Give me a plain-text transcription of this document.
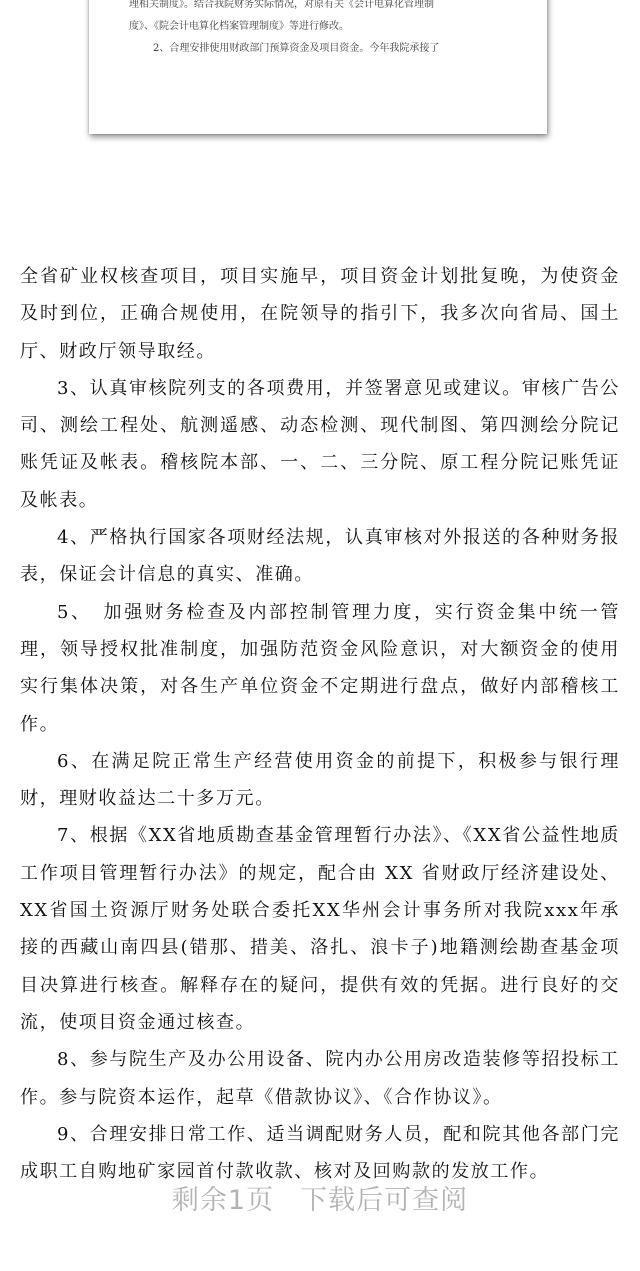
理相关制度》。结合我院财务实际情况，对原有关《会计电算化管理制

度》、《院会计电算化档案管理制度》等进行修改。

2、合理安排使用财政部门预算资金及项目资金。今年我院承接了

全省矿业权核查项目，项目实施早，项目资金计划批复晚，为使资金及时到位，正确合规使用，在院领导的指引下，我多次向省局、国土厅、财政厅领导取经。

3、认真审核院列支的各项费用，并签署意见或建议。审核广告公司、测绘工程处、航测遥感、动态检测、现代制图、第四测绘分院记账凭证及帐表。稽核院本部、一、二、三分院、原工程分院记账凭证及帐表。

4、严格执行国家各项财经法规，认真审核对外报送的各种财务报表，保证会计信息的真实、准确。

5、　加强财务检查及内部控制管理力度，实行资金集中统一管理，领导授权批准制度，加强防范资金风险意识，对大额资金的使用实行集体决策，对各生产单位资金不定期进行盘点，做好内部稽核工作。

6、在满足院正常生产经营使用资金的前提下，积极参与银行理财，理财收益达二十多万元。

7、根据《XX省地质勘查基金管理暂行办法》、《XX省公益性地质工作项目管理暂行办法》的规定，配合由 XX 省财政厅经济建设处、XX省国土资源厅财务处联合委托XX华州会计事务所对我院xxx年承接的西藏山南四县(错那、措美、洛扎、浪卡子)地籍测绘勘查基金项目决算进行核查。解释存在的疑问，提供有效的凭据。进行良好的交流，使项目资金通过核查。

8、参与院生产及办公用设备、院内办公用房改造装修等招投标工作。参与院资本运作，起草《借款协议》、《合作协议》。

9、合理安排日常工作、适当调配财务人员，配和院其他各部门完成职工自购地矿家园首付款收款、核对及回购款的发放工作。

剩余1页 下载后可查阅
